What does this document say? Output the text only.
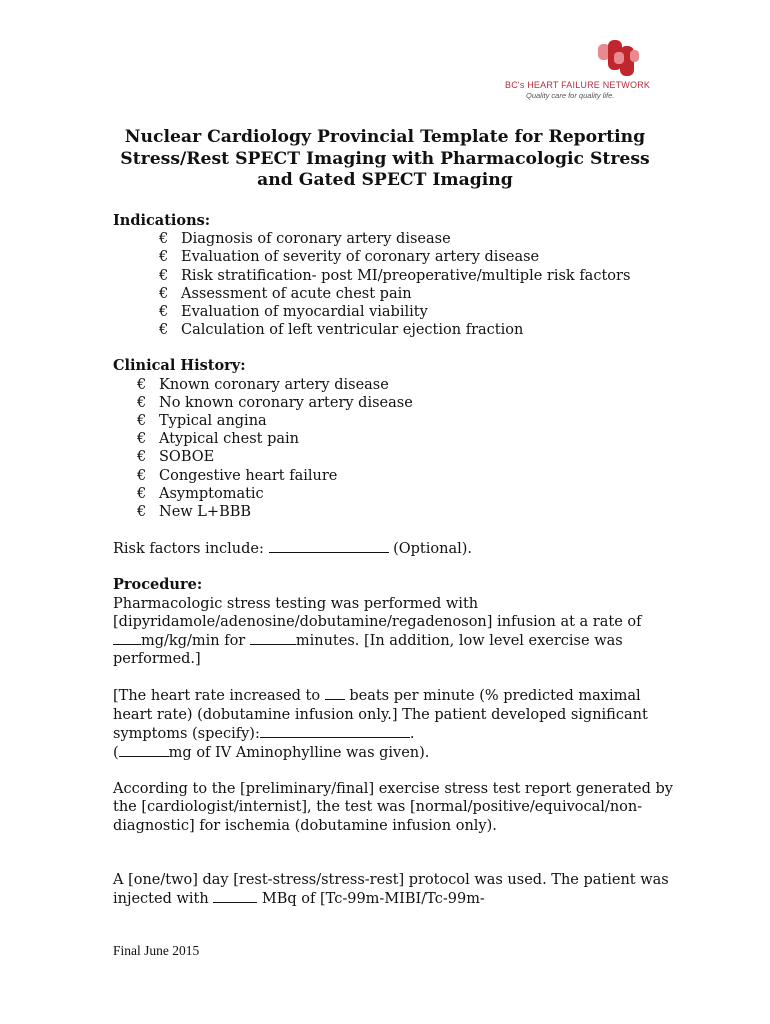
BC's HEART FAILURE NETWORK
Quality care for quality life.
Nuclear Cardiology Provincial Template for Reporting Stress/Rest SPECT Imaging with Pharmacologic Stress and Gated SPECT Imaging
Indications:
€ Diagnosis of coronary artery disease
€ Evaluation of severity of coronary artery disease
€ Risk stratification- post MI/preoperative/multiple risk factors
€ Assessment of acute chest pain
€ Evaluation of myocardial viability
€ Calculation of left ventricular ejection fraction
Clinical History:
€ Known coronary artery disease
€ No known coronary artery disease
€ Typical angina
€ Atypical chest pain
€ SOBOE
€ Congestive heart failure
€ Asymptomatic
€ New L+BBB

Risk factors include:	(Optional).

Procedure:

Pharmacologic stress testing was performed with [dipyridamole/adenosine/dobutamine/regadenoson] infusion at a rate of mg/kg/min for	minutes. [In addition, low level exercise was performed.]

[The heart rate increased to  beats per minute (% predicted maximal heart rate) (dobutamine infusion only.] The patient developed significant symptoms (specify):	.
(	mg of IV Aminophylline was given).

According to the [preliminary/final] exercise stress test report generated by the [cardiologist/internist], the test was [normal/positive/equivocal/non-diagnostic] for ischemia (dobutamine infusion only).

A [one/two] day [rest-stress/stress-rest] protocol was used. The patient was injected with	MBq of [Tc-99m-MIBI/Tc-99m-

Final June 2015
